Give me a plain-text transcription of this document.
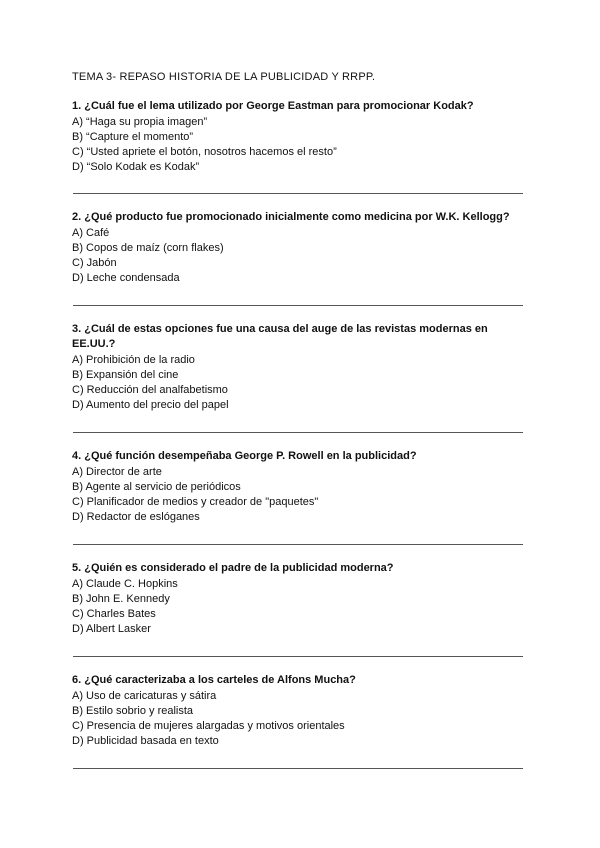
TEMA 3- REPASO HISTORIA DE LA PUBLICIDAD Y RRPP.

1. ¿Cuál fue el lema utilizado por George Eastman para promocionar Kodak?

A) “Haga su propia imagen”
B) “Capture el momento”
C) “Usted apriete el botón, nosotros hacemos el resto”
D) “Solo Kodak es Kodak”

2. ¿Qué producto fue promocionado inicialmente como medicina por W.K. Kellogg?

A) Café
B) Copos de maíz (corn flakes)
C) Jabón
D) Leche condensada

3. ¿Cuál de estas opciones fue una causa del auge de las revistas modernas en EE.UU.?

A) Prohibición de la radio
B) Expansión del cine
C) Reducción del analfabetismo
D) Aumento del precio del papel

4. ¿Qué función desempeñaba George P. Rowell en la publicidad?

A) Director de arte
B) Agente al servicio de periódicos
C) Planificador de medios y creador de "paquetes"
D) Redactor de eslóganes

5. ¿Quién es considerado el padre de la publicidad moderna?

A) Claude C. Hopkins
B) John E. Kennedy
C) Charles Bates
D) Albert Lasker

6. ¿Qué caracterizaba a los carteles de Alfons Mucha?

A) Uso de caricaturas y sátira
B) Estilo sobrio y realista
C) Presencia de mujeres alargadas y motivos orientales
D) Publicidad basada en texto
